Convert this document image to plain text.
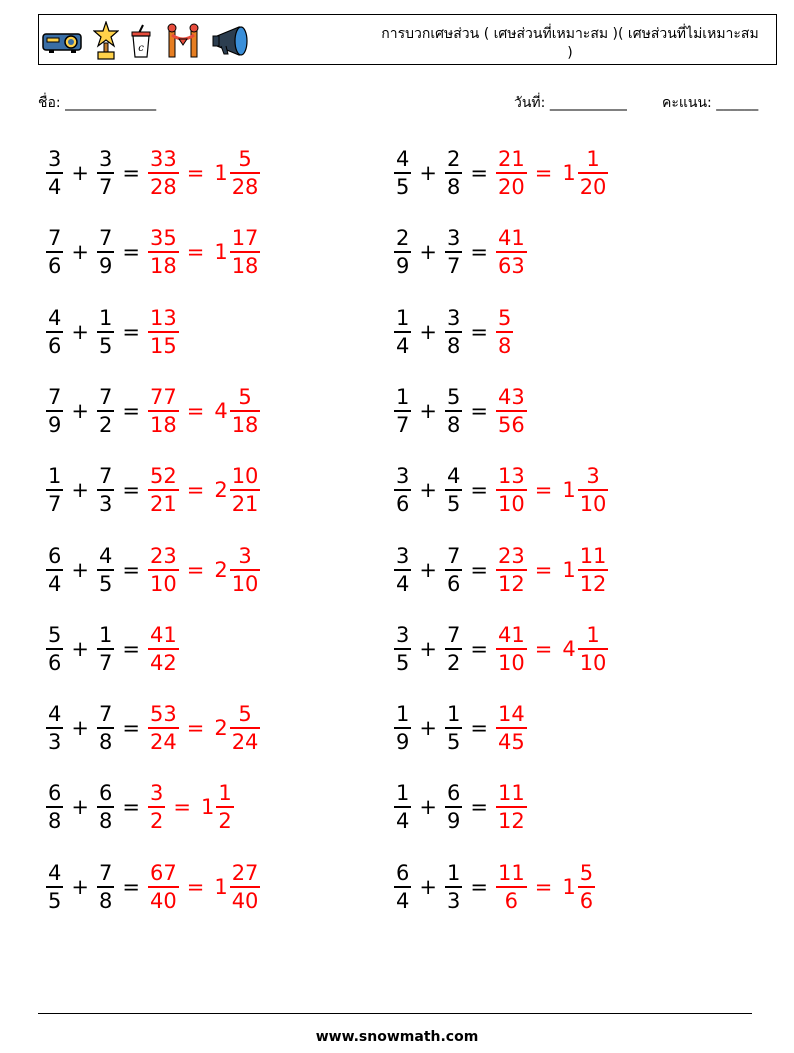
c
การบวกเศษส่วน ( เศษส่วนที่เหมาะสม )( เศษส่วนที่ไม่เหมาะสม )
ชื่อ: _____________	วันที่: ___________	คะแนน: ______
$\frac{3}{4} + \frac{3}{7} = \frac{33}{28} = 1 \frac{5}{28}$	$\frac{4}{5} + \frac{2}{8} = \frac{21}{20} = 1 \frac{1}{20}$
$\frac{7}{6} + \frac{7}{9} = \frac{35}{18} = 1 \frac{17}{18}$	$\frac{2}{9} + \frac{3}{7} = \frac{41}{63}$
$\frac{4}{6} + \frac{1}{5} = \frac{13}{15}$	$\frac{1}{4} + \frac{3}{8} = \frac{5}{8}$
$\frac{7}{9} + \frac{7}{2} = \frac{77}{18} = 4 \frac{5}{18}$	$\frac{1}{7} + \frac{5}{8} = \frac{43}{56}$
$\frac{1}{7} + \frac{7}{3} = \frac{52}{21} = 2 \frac{10}{21}$	$\frac{3}{6} + \frac{4}{5} = \frac{13}{10} = 1 \frac{3}{10}$
$\frac{6}{4} + \frac{4}{5} = \frac{23}{10} = 2 \frac{3}{10}$	$\frac{3}{4} + \frac{7}{6} = \frac{23}{12} = 1 \frac{11}{12}$
$\frac{5}{6} + \frac{1}{7} = \frac{41}{42}$	$\frac{3}{5} + \frac{7}{2} = \frac{41}{10} = 4 \frac{1}{10}$
$\frac{4}{3} + \frac{7}{8} = \frac{53}{24} = 2 \frac{5}{24}$	$\frac{1}{9} + \frac{1}{5} = \frac{14}{45}$
$\frac{6}{8} + \frac{6}{8} = \frac{3}{2} = 1 \frac{1}{2}$	$\frac{1}{4} + \frac{6}{9} = \frac{11}{12}$
$\frac{4}{5} + \frac{7}{8} = \frac{67}{40} = 1 \frac{27}{40}$	$\frac{6}{4} + \frac{1}{3} = \frac{11}{6} = 1 \frac{5}{6}$
www.snowmath.com
